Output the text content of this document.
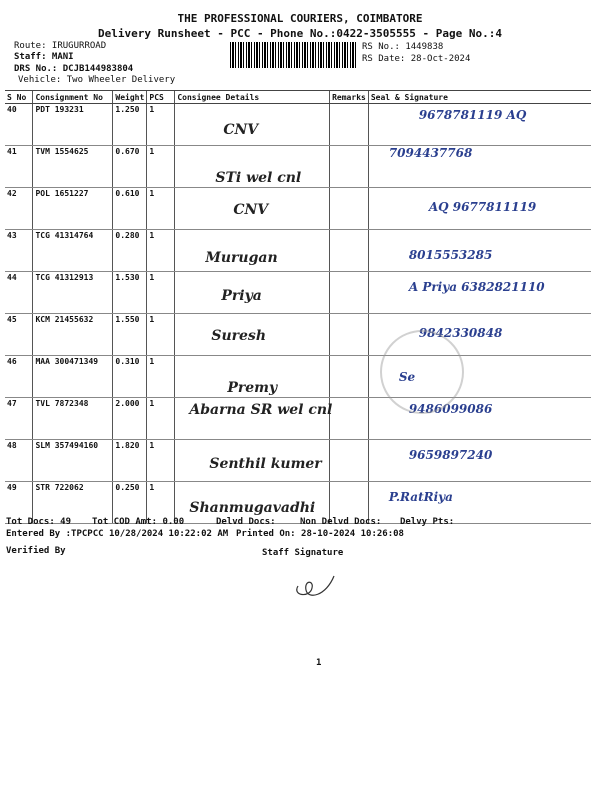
THE PROFESSIONAL COURIERS, COIMBATORE
Delivery Runsheet - PCC - Phone No.:0422-3505555 - Page No.:4
Route: IRUGURROAD
Staff: MANI
DRS No.: DCJB144983804
Vehicle: Two Wheeler Delivery
RS No.: 1449838
RS Date: 28-Oct-2024
S No	Consignment No	Weight	PCS	Consignee Details	Remarks	Seal & Signature
40	PDT 193231	1.250	1	CNV		9678781119 AQ

41	TVM 1554625	0.670	1	STi wel cnl		7094437768

42	POL 1651227	0.610	1	CNV		AQ 9677811119

43	TCG 41314764	0.280	1	Murugan		8015553285

44	TCG 41312913	1.530	1	Priya		A Priya 6382821110

45	KCM 21455632	1.550	1	Suresh		9842330848

46	MAA 300471349	0.310	1	Premy		Se

47	TVL 7872348	2.000	1	Abarna SR wel cnl		9486099086

48	SLM 357494160	1.820	1	Senthil kumer		9659897240

49	STR 722062	0.250	1	Shanmugavadhi		P.RatRiya
Tot Docs: 49 Tot COD Amt: 0.00	Delvd Docs:	Non Delvd Docs: Delvy Pts:
Entered By :TPCPCC 10/28/2024 10:22:02 AM Printed On: 28-10-2024 10:26:08
Verified By	Staff Signature
1
